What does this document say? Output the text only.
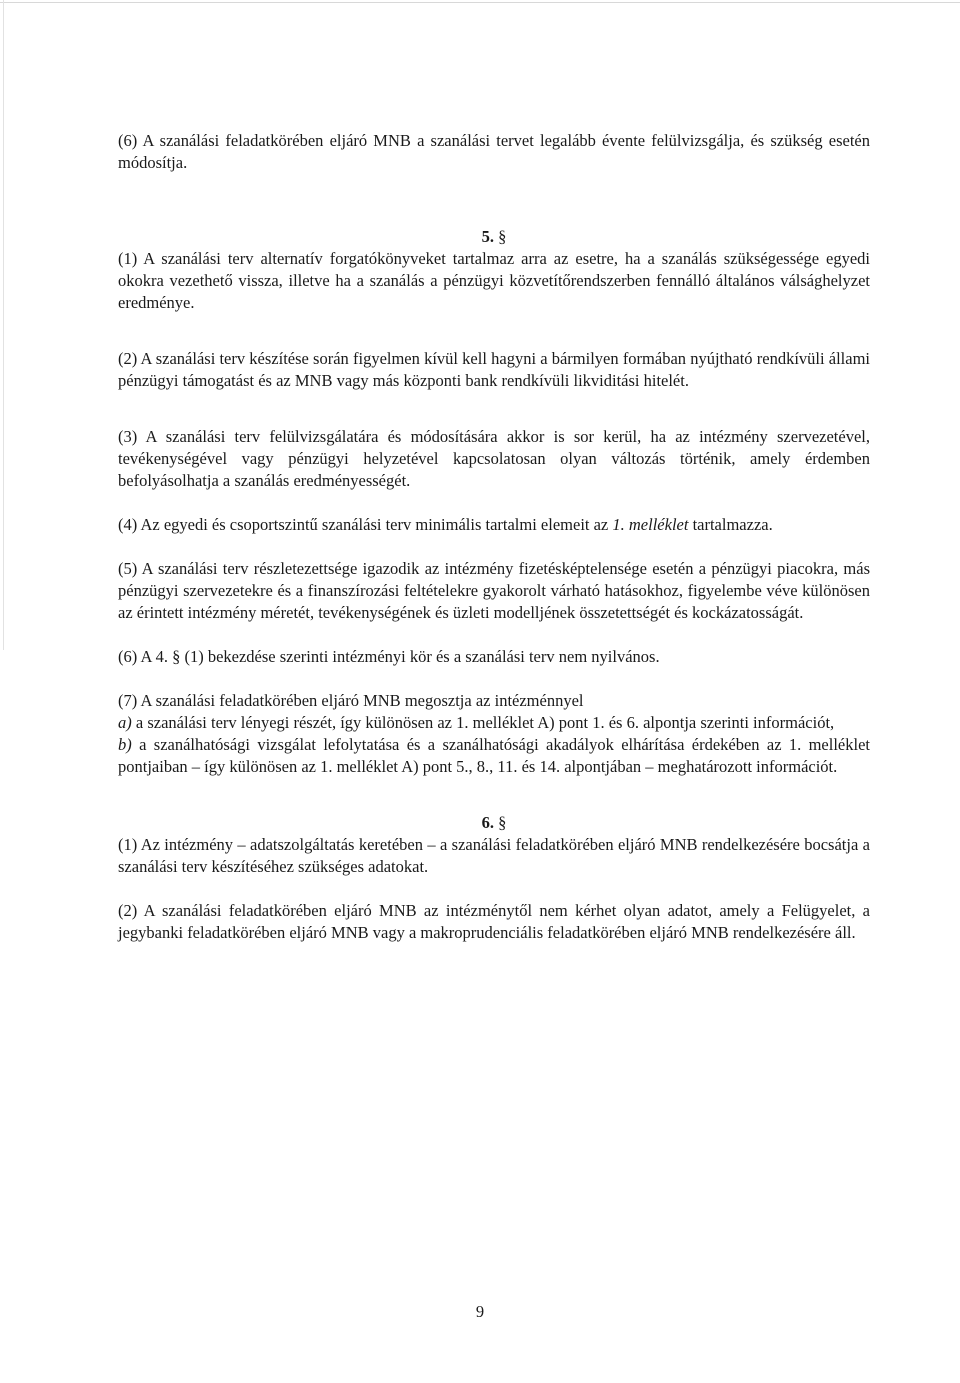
(6) A szanálási feladatkörében eljáró MNB a szanálási tervet legalább évente felülvizsgálja, és szükség esetén módosítja.

5. §

(1) A szanálási terv alternatív forgatókönyveket tartalmaz arra az esetre, ha a szanálás szükségessége egyedi okokra vezethető vissza, illetve ha a szanálás a pénzügyi közvetítőrendszerben fennálló általános válsághelyzet eredménye.

(2) A szanálási terv készítése során figyelmen kívül kell hagyni a bármilyen formában nyújtható rendkívüli állami pénzügyi támogatást és az MNB vagy más központi bank rendkívüli likviditási hitelét.

(3) A szanálási terv felülvizsgálatára és módosítására akkor is sor kerül, ha az intézmény szervezetével, tevékenységével vagy pénzügyi helyzetével kapcsolatosan olyan változás történik, amely érdemben befolyásolhatja a szanálás eredményességét.

(4) Az egyedi és csoportszintű szanálási terv minimális tartalmi elemeit az 1. melléklet tartalmazza.

(5) A szanálási terv részletezettsége igazodik az intézmény fizetésképtelensége esetén a pénzügyi piacokra, más pénzügyi szervezetekre és a finanszírozási feltételekre gyakorolt várható hatásokhoz, figyelembe véve különösen az érintett intézmény méretét, tevékenységének és üzleti modelljének összetettségét és kockázatosságát.

(6) A 4. § (1) bekezdése szerinti intézményi kör és a szanálási terv nem nyilvános.

(7) A szanálási feladatkörében eljáró MNB megosztja az intézménnyel

a) a szanálási terv lényegi részét, így különösen az 1. melléklet A) pont 1. és 6. alpontja szerinti információt,

b) a szanálhatósági vizsgálat lefolytatása és a szanálhatósági akadályok elhárítása érdekében az 1. melléklet pontjaiban – így különösen az 1. melléklet A) pont 5., 8., 11. és 14. alpontjában – meghatározott információt.

6. §

(1) Az intézmény – adatszolgáltatás keretében – a szanálási feladatkörében eljáró MNB rendelkezésére bocsátja a szanálási terv készítéséhez szükséges adatokat.

(2) A szanálási feladatkörében eljáró MNB az intézménytől nem kérhet olyan adatot, amely a Felügyelet, a jegybanki feladatkörében eljáró MNB vagy a makroprudenciális feladatkörében eljáró MNB rendelkezésére áll.

9
